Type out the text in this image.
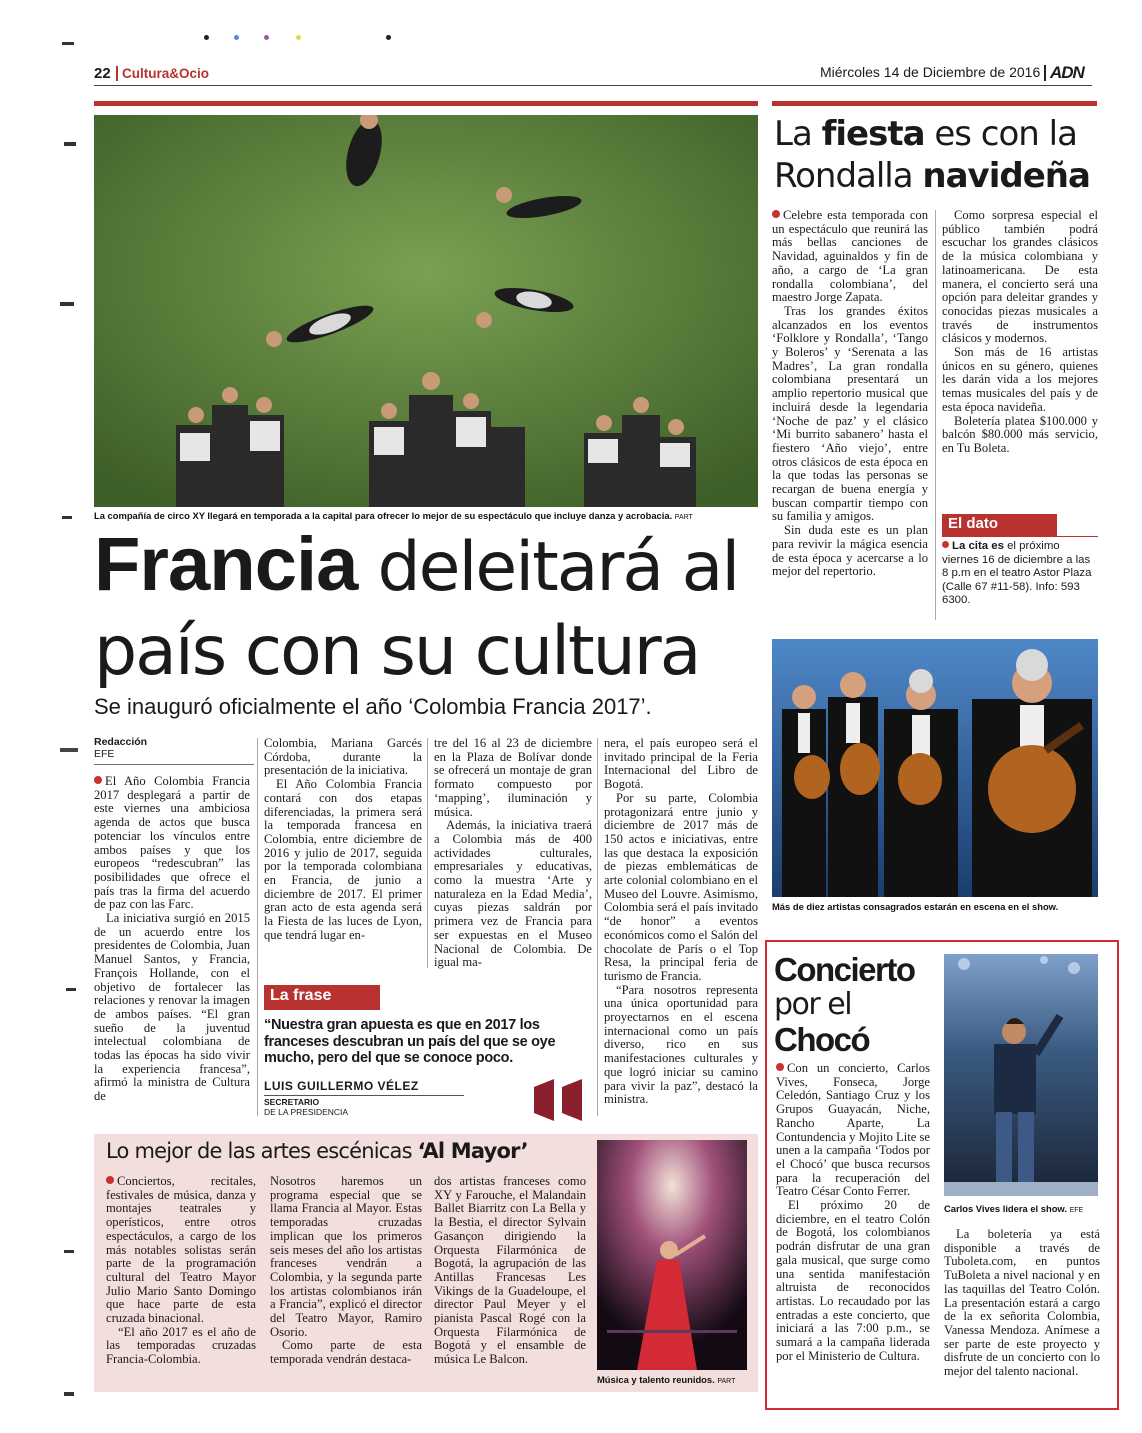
22 Cultura&Ocio	Miércoles 14 de Diciembre de 2016 ADN
La compañía de circo XY llegará en temporada a la capital para ofrecer lo mejor de su espectáculo que incluye danza y acrobacia. PART
Francia deleitará al
país con su cultura
Se inauguró oficialmente el año ‘Colombia Francia 2017’.
Redacción
EFE

El Año Colombia Francia 2017 desplegará a partir de este viernes una ambiciosa agenda de actos que busca potenciar los vínculos entre ambos países y que los europeos “redescubran” las posibilidades que ofrece el país tras la firma del acuerdo de paz con las Farc.

La iniciativa surgió en 2015 de un acuerdo entre los presidentes de Colombia, Juan Manuel Santos, y Francia, François Hollande, con el objetivo de fortalecer las relaciones y renovar la imagen de ambos países. “El gran sueño de la juventud intelectual colombiana de todas las épocas ha sido vivir la experiencia francesa”, afirmó la ministra de Cultura de

Colombia, Mariana Garcés Córdoba, durante la presentación de la iniciativa.

El Año Colombia Francia contará con dos etapas diferenciadas, la primera será la temporada francesa en Colombia, entre diciembre de 2016 y julio de 2017, seguida por la temporada colombiana en Francia, de junio a diciembre de 2017. El primer gran acto de esta agenda será la Fiesta de las luces de Lyon, que tendrá lugar en-

tre del 16 al 23 de diciembre en la Plaza de Bolívar donde se ofrecerá un montaje de gran formato compuesto por ‘mapping’, iluminación y música.

Además, la iniciativa traerá a Colombia más de 400 actividades culturales, empresariales y educativas, como la muestra ‘Arte y naturaleza en la Edad Media’, cuyas piezas saldrán por primera vez de Francia para ser expuestas en el Museo Nacional de Colombia. De igual ma-

nera, el país europeo será el invitado principal de la Feria Internacional del Libro de Bogotá.

Por su parte, Colombia protagonizará entre junio y diciembre de 2017 más de 150 actos e iniciativas, entre las que destaca la exposición de piezas emblemáticas de arte colonial colombiano en el Museo del Louvre. Asimismo, Colombia será el país invitado “de honor” a eventos económicos como el Salón del chocolate de París o el Top Resa, la principal feria de turismo de Francia.

“Para nosotros representa una única oportunidad para proyectarnos en el escena internacional como un país diverso, rico en sus manifestaciones culturales y que logró iniciar su camino para vivir la paz”, destacó la ministra.

La frase
“Nuestra gran apuesta es que en 2017 los franceses descubran un país del que se oye mucho, pero del que se conoce poco.
LUIS GUILLERMO VÉLEZ
SECRETARIO
DE LA PRESIDENCIA
Lo mejor de las artes escénicas ‘Al Mayor’

Conciertos, recitales, festivales de música, danza y montajes teatrales y operísticos, entre otros espectáculos, a cargo de los más notables solistas serán parte de la programación cultural del Teatro Mayor Julio Mario Santo Domingo que hace parte de esta cruzada binacional.

“El año 2017 es el año de las temporadas cruzadas Francia-Colombia.

Nosotros haremos un programa especial que se llama Francia al Mayor. Estas temporadas cruzadas implican que los primeros seis meses del año los artistas franceses vendrán a Colombia, y la segunda parte los artistas colombianos irán a Francia”, explicó el director del Teatro Mayor, Ramiro Osorio.

Como parte de esta temporada vendrán destaca-

dos artistas franceses como XY y Farouche, el Malandain Ballet Biarritz con La Bella y la Bestia, el director Sylvain Gasançon dirigiendo la Orquesta Filarmónica de Bogotá, la agrupación de las Antillas Francesas Les Vikings de la Guadeloupe, el director Paul Meyer y el pianista Pascal Rogé con la Orquesta Filarmónica de Bogotá y el ensamble de música Le Balcon.

Música y talento reunidos. PART
La fiesta es con la
Rondalla navideña

Celebre esta temporada con un espectáculo que reunirá las más bellas canciones de Navidad, aguinaldos y fin de año, a cargo de ‘La gran rondalla colombiana’, del maestro Jorge Zapata.

Tras los grandes éxitos alcanzados en los eventos ‘Folklore y Rondalla’, ‘Tango y Boleros’ y ‘Serenata a las Madres’, La gran rondalla colombiana presentará un amplio repertorio musical que incluirá desde la legendaria ‘Noche de paz’ y el clásico ‘Mi burrito sabanero’ hasta el fiestero ‘Año viejo’, entre otros clásicos de esta época en la que todas las personas se recargan de buena energía y buscan compartir tiempo con su familia y amigos.

Sin duda este es un plan para revivir la mágica esencia de esta época y acercarse a lo mejor del repertorio.

Como sorpresa especial el público también podrá escuchar los grandes clásicos de la música colombiana y latinoamericana. De esta manera, el concierto será una opción para deleitar grandes y conocidas piezas musicales a través de instrumentos clásicos y modernos.

Son más de 16 artistas únicos en su género, quienes les darán vida a los mejores temas musicales del país y de esta época navideña.

Boletería platea $100.000 y balcón $80.000 más servicio, en Tu Boleta.

El dato
La cita es el próximo viernes 16 de diciembre a las 8 p.m en el teatro Astor Plaza (Calle 67 #11-58). Info: 593 6300.
Más de diez artistas consagrados estarán en escena en el show.
Concierto
por el
Chocó

Con un concierto, Carlos Vives, Fonseca, Jorge Celedón, Santiago Cruz y los Grupos Guayacán, Niche, Rancho Aparte, La Contundencia y Mojito Lite se unen a la campaña ‘Todos por el Chocó’ que busca recursos para la recuperación del Teatro César Conto Ferrer.

El próximo 20 de diciembre, en el teatro Colón de Bogotá, los colombianos podrán disfrutar de una gran gala musical, que surge como una sentida manifestación altruista de reconocidos artistas. Lo recaudado por las entradas a este concierto, que iniciará a las 7:00 p.m., se sumará a la campaña liderada por el Ministerio de Cultura.

Carlos Vives lidera el show. EFE

La boletería ya está disponible a través de Tuboleta.com, en puntos TuBoleta a nivel nacional y en las taquillas del Teatro Colón. La presentación estará a cargo de la ex señorita Colombia, Vanessa Mendoza. Anímese a ser parte de este proyecto y disfrute de un concierto con lo mejor del talento nacional.
